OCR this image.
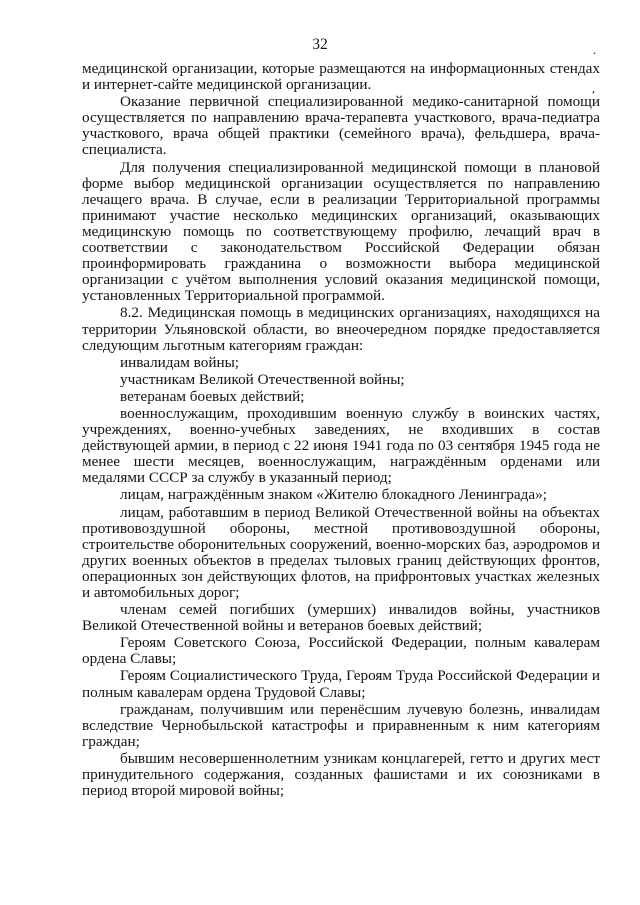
32	.
,

медицинской организации, которые размещаются на информационных стендах и интернет-сайте медицинской организации.

Оказание первичной специализированной медико-санитарной помощи осуществляется по направлению врача-терапевта участкового, врача-педиатра участкового, врача общей практики (семейного врача), фельдшера, врача-специалиста.

Для получения специализированной медицинской помощи в плановой форме выбор медицинской организации осуществляется по направлению лечащего врача. В случае, если в реализации Территориальной программы принимают участие несколько медицинских организаций, оказывающих медицинскую помощь по соответствующему профилю, лечащий врач в соответствии с законодательством Российской Федерации обязан проинформировать гражданина о возможности выбора медицинской организации с учётом выполнения условий оказания медицинской помощи, установленных Территориальной программой.

8.2. Медицинская помощь в медицинских организациях, находящихся на территории Ульяновской области, во внеочередном порядке предоставляется следующим льготным категориям граждан:

инвалидам войны;

участникам Великой Отечественной войны;

ветеранам боевых действий;

военнослужащим, проходившим военную службу в воинских частях, учреждениях, военно-учебных заведениях, не входивших в состав действующей армии, в период с 22 июня 1941 года по 03 сентября 1945 года не менее шести месяцев, военнослужащим, награждённым орденами или медалями СССР за службу в указанный период;

лицам, награждённым знаком «Жителю блокадного Ленинграда»;

лицам, работавшим в период Великой Отечественной войны на объектах противовоздушной обороны, местной противовоздушной обороны, строительстве оборонительных сооружений, военно-морских баз, аэродромов и других военных объектов в пределах тыловых границ действующих фронтов, операционных зон действующих флотов, на прифронтовых участках железных и автомобильных дорог;

членам семей погибших (умерших) инвалидов войны, участников Великой Отечественной войны и ветеранов боевых действий;

Героям Советского Союза, Российской Федерации, полным кавалерам ордена Славы;

Героям Социалистического Труда, Героям Труда Российской Федерации и полным кавалерам ордена Трудовой Славы;

гражданам, получившим или перенёсшим лучевую болезнь, инвалидам вследствие Чернобыльской катастрофы и приравненным к ним категориям граждан;

бывшим несовершеннолетним узникам концлагерей, гетто и других мест принудительного содержания, созданных фашистами и их союзниками в период второй мировой войны;
